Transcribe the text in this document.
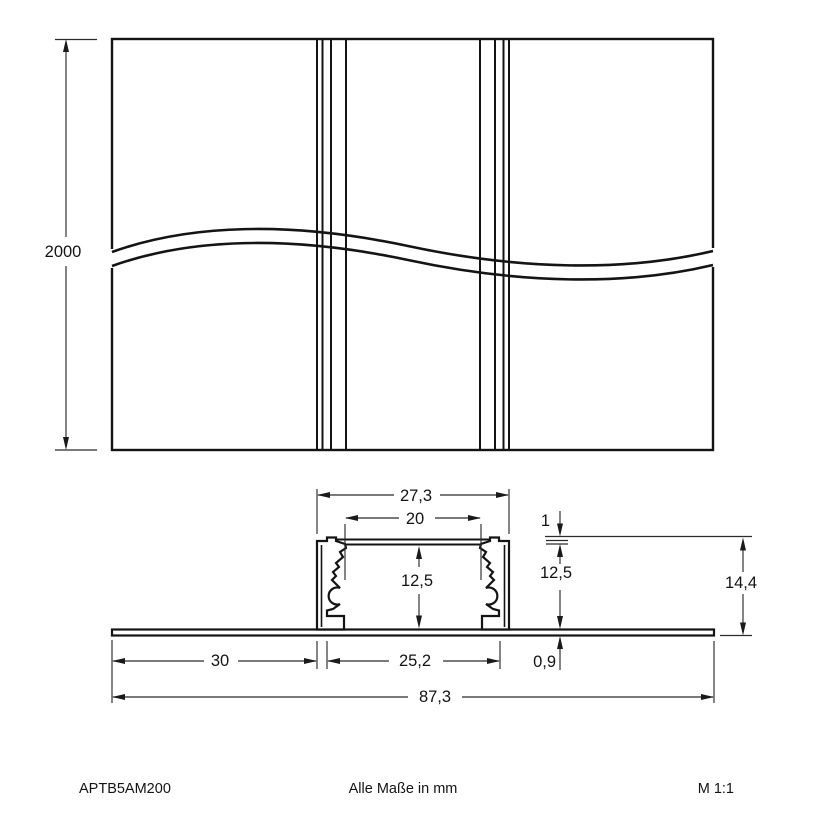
2000
27,3
20	1
12,5	12,5
0,9
14,4
30	25,2
87,3
APTB5AM200	Alle Maße in mm	M 1:1
